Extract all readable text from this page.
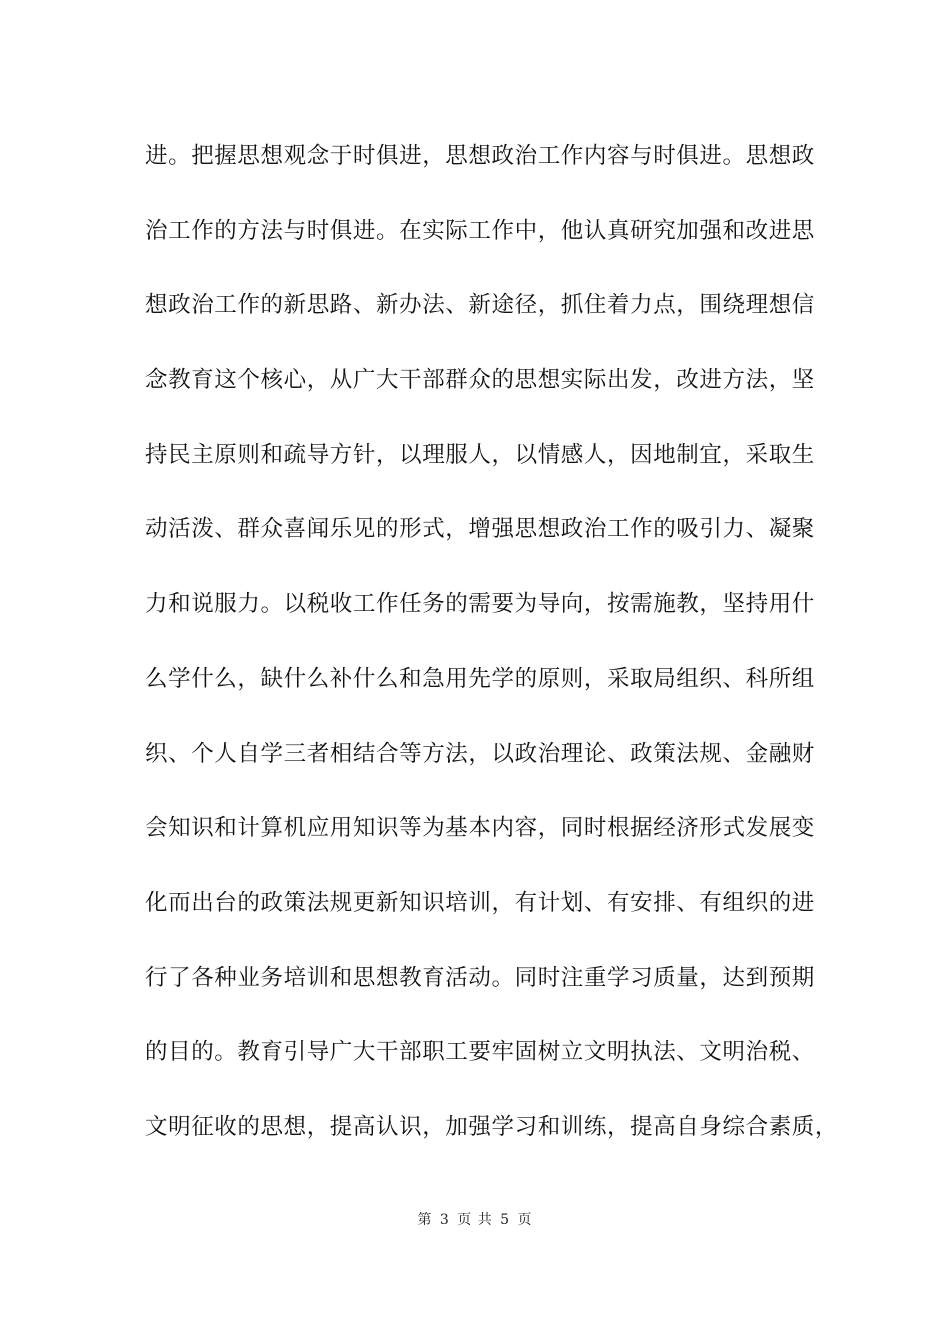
进。把握思想观念于时俱进，思想政治工作内容与时俱进。思想政
治工作的方法与时俱进。在实际工作中，他认真研究加强和改进思
想政治工作的新思路、新办法、新途径，抓住着力点，围绕理想信
念教育这个核心，从广大干部群众的思想实际出发，改进方法，坚
持民主原则和疏导方针，以理服人，以情感人，因地制宜，采取生
动活泼、群众喜闻乐见的形式，增强思想政治工作的吸引力、凝聚
力和说服力。以税收工作任务的需要为导向，按需施教，坚持用什
么学什么，缺什么补什么和急用先学的原则，采取局组织、科所组
织、个人自学三者相结合等方法，以政治理论、政策法规、金融财
会知识和计算机应用知识等为基本内容，同时根据经济形式发展变
化而出台的政策法规更新知识培训，有计划、有安排、有组织的进
行了各种业务培训和思想教育活动。同时注重学习质量，达到预期
的目的。教育引导广大干部职工要牢固树立文明执法、文明治税、
文明征收的思想，提高认识，加强学习和训练，提高自身综合素质，
第 3 页 共 5 页
